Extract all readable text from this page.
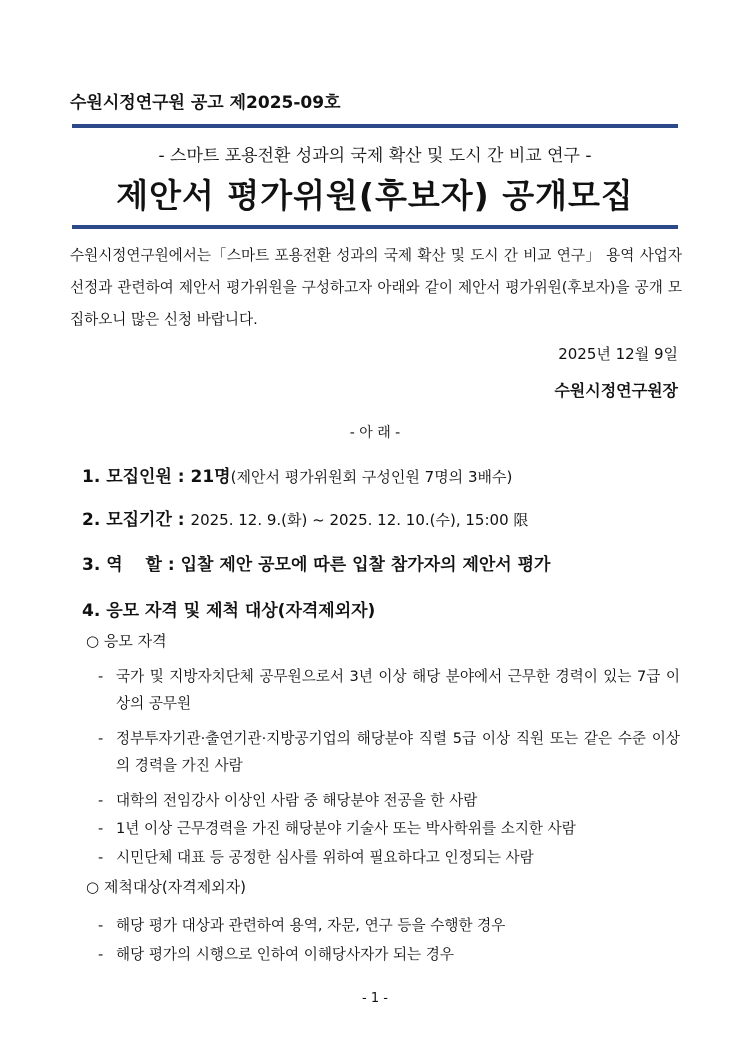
수원시정연구원 공고 제2025-09호
- 스마트 포용전환 성과의 국제 확산 및 도시 간 비교 연구 -
제안서 평가위원(후보자) 공개모집
수원시정연구원에서는「스마트 포용전환 성과의 국제 확산 및 도시 간 비교 연구」 용역 사업자 선정과 관련하여 제안서 평가위원을 구성하고자 아래와 같이 제안서 평가위원(후보자)을 공개 모집하오니 많은 신청 바랍니다.
2025년 12월 9일
수원시정연구원장
- 아 래 -
1. 모집인원 : 21명(제안서 평가위원회 구성인원 7명의 3배수)
2. 모집기간 : 2025. 12. 9.(화) ~ 2025. 12. 10.(수), 15:00 限
3. 역　 할 : 입찰 제안 공모에 따른 입찰 참가자의 제안서 평가
4. 응모 자격 및 제척 대상(자격제외자)
○ 응모 자격
- 국가 및 지방자치단체 공무원으로서 3년 이상 해당 분야에서 근무한 경력이 있는 7급 이상의 공무원
- 정부투자기관·출연기관·지방공기업의 해당분야 직렬 5급 이상 직원 또는 같은 수준 이상의 경력을 가진 사람
- 대학의 전임강사 이상인 사람 중 해당분야 전공을 한 사람
- 1년 이상 근무경력을 가진 해당분야 기술사 또는 박사학위를 소지한 사람
- 시민단체 대표 등 공정한 심사를 위하여 필요하다고 인정되는 사람
○ 제척대상(자격제외자)
- 해당 평가 대상과 관련하여 용역, 자문, 연구 등을 수행한 경우
- 해당 평가의 시행으로 인하여 이해당사자가 되는 경우
- 1 -
